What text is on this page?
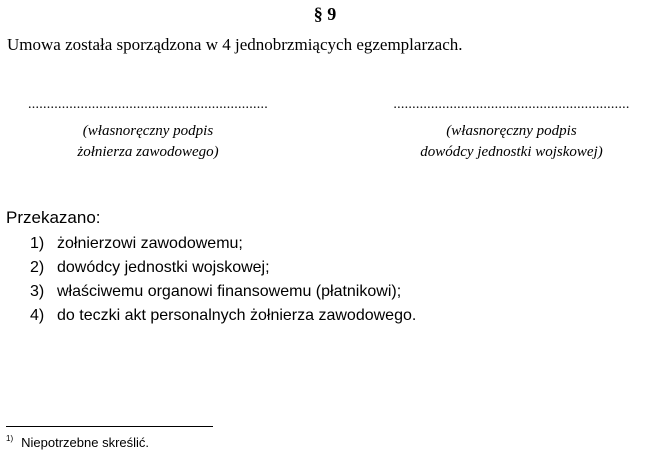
§ 9
Umowa została sporządzona w 4 jednobrzmiących egzemplarzach.
................................................................
(własnoręczny podpis
żołnierza zawodowego)
...............................................................
(własnoręczny podpis
dowódcy jednostki wojskowej)
Przekazano:
1) żołnierzowi zawodowemu;
2) dowódcy jednostki wojskowej;
3) właściwemu organowi finansowemu (płatnikowi);
4) do teczki akt personalnych żołnierza zawodowego.
$^{1)}$ Niepotrzebne skreślić.
